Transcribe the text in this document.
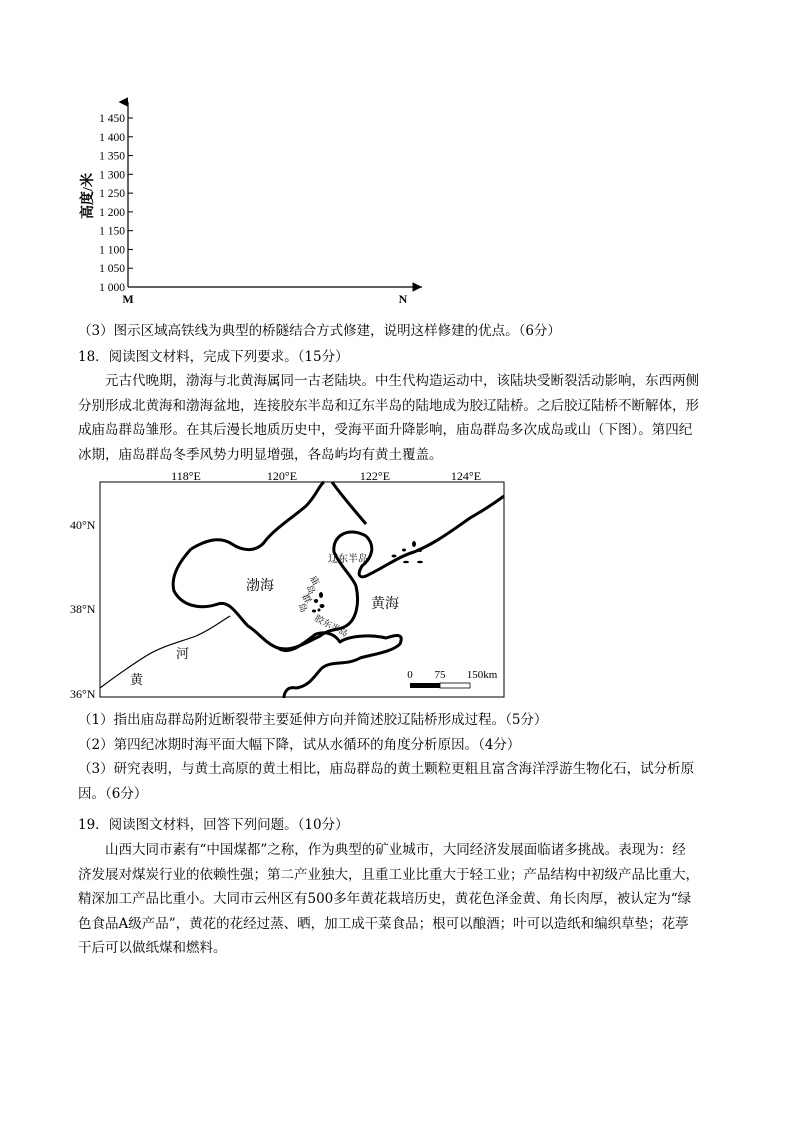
1 000
1 050
1 100
1 150
1 200
1 250
1 300
1 350
1 400
1 450
高度/米
M	N
（3）图示区域高铁线为典型的桥隧结合方式修建，说明这样修建的优点。（6分）
18．阅读图文材料，完成下列要求。（15分）
元古代晚期，渤海与北黄海属同一古老陆块。中生代构造运动中，该陆块受断裂活动影响，东西两侧
分别形成北黄海和渤海盆地，连接胶东半岛和辽东半岛的陆地成为胶辽陆桥。之后胶辽陆桥不断解体，形
成庙岛群岛雏形。在其后漫长地质历史中，受海平面升降影响，庙岛群岛多次成岛或山（下图）。第四纪
冰期，庙岛群岛冬季风势力明显增强，各岛屿均有黄土覆盖。
118°E	120°E	122°E	124°E
40°N
38°N
36°N
渤海
黄海
辽东半岛
胶东半岛
庙
岛
群
岛
河
黄	0 75 150km
（1）指出庙岛群岛附近断裂带主要延伸方向并简述胶辽陆桥形成过程。（5分）
（2）第四纪冰期时海平面大幅下降，试从水循环的角度分析原因。（4分）
（3）研究表明，与黄土高原的黄土相比，庙岛群岛的黄土颗粒更粗且富含海洋浮游生物化石，试分析原
因。（6分）
19．阅读图文材料，回答下列问题。（10分）
山西大同市素有“中国煤都”之称，作为典型的矿业城市，大同经济发展面临诸多挑战。表现为：经
济发展对煤炭行业的依赖性强；第二产业独大，且重工业比重大于轻工业；产品结构中初级产品比重大，
精深加工产品比重小。大同市云州区有500多年黄花栽培历史，黄花色泽金黄、角长肉厚，被认定为“绿
色食品A级产品”，黄花的花经过蒸、晒，加工成干菜食品；根可以酿酒；叶可以造纸和编织草垫；花葶
干后可以做纸煤和燃料。
